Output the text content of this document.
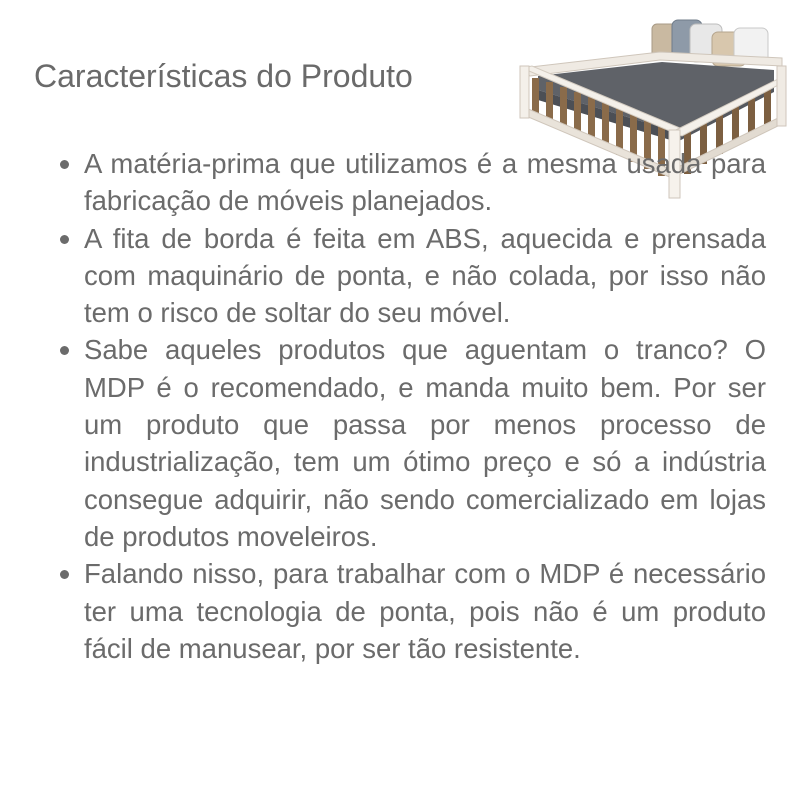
Características do Produto
A matéria-prima que utilizamos é a mesma usada para fabricação de móveis planejados.
A fita de borda é feita em ABS, aquecida e prensada com maquinário de ponta, e não colada, por isso não tem o risco de soltar do seu móvel.
Sabe aqueles produtos que aguentam o tranco? O MDP é o recomendado, e manda muito bem. Por ser um produto que passa por menos processo de industrialização, tem um ótimo preço e só a indústria consegue adquirir, não sendo comercializado em lojas de produtos moveleiros.
Falando nisso, para trabalhar com o MDP é necessário ter uma tecnologia de ponta, pois não é um produto fácil de manusear, por ser tão resistente.
